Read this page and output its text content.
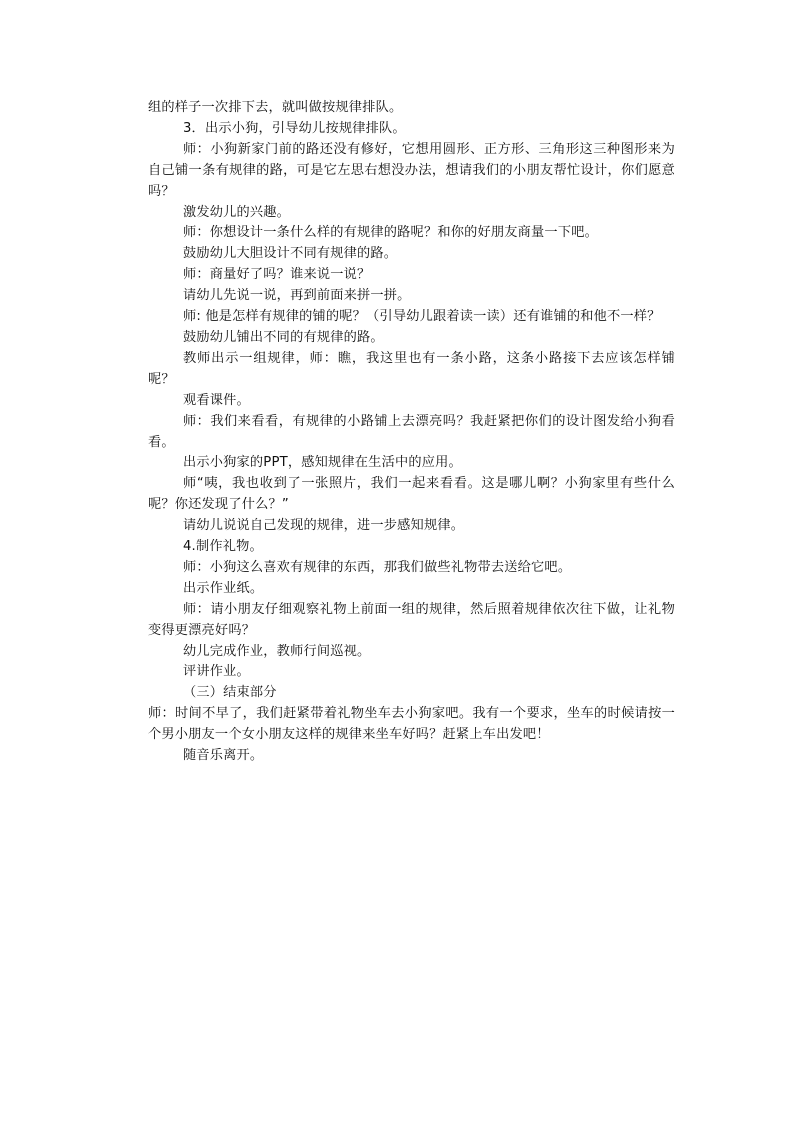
组的样子一次排下去，就叫做按规律排队。

3．出示小狗，引导幼儿按规律排队。

师：小狗新家门前的路还没有修好，它想用圆形、正方形、三角形这三种图形来为自己铺一条有规律的路，可是它左思右想没办法，想请我们的小朋友帮忙设计，你们愿意吗？

激发幼儿的兴趣。

师：你想设计一条什么样的有规律的路呢？和你的好朋友商量一下吧。

鼓励幼儿大胆设计不同有规律的路。

师：商量好了吗？谁来说一说？

请幼儿先说一说，再到前面来拼一拼。

师: 他是怎样有规律的铺的呢？（引导幼儿跟着读一读）还有谁铺的和他不一样？

鼓励幼儿铺出不同的有规律的路。

教师出示一组规律，师：瞧，我这里也有一条小路，这条小路接下去应该怎样铺呢？

观看课件。

师：我们来看看，有规律的小路铺上去漂亮吗？我赶紧把你们的设计图发给小狗看看。

出示小狗家的PPT，感知规律在生活中的应用。

师“咦，我也收到了一张照片，我们一起来看看。这是哪儿啊？小狗家里有些什么呢？你还发现了什么？”

请幼儿说说自己发现的规律，进一步感知规律。

4.制作礼物。

师：小狗这么喜欢有规律的东西，那我们做些礼物带去送给它吧。

出示作业纸。

师：请小朋友仔细观察礼物上前面一组的规律，然后照着规律依次往下做，让礼物变得更漂亮好吗？

幼儿完成作业，教师行间巡视。

评讲作业。

（三）结束部分

师：时间不早了，我们赶紧带着礼物坐车去小狗家吧。我有一个要求，坐车的时候请按一个男小朋友一个女小朋友这样的规律来坐车好吗？赶紧上车出发吧！

随音乐离开。
